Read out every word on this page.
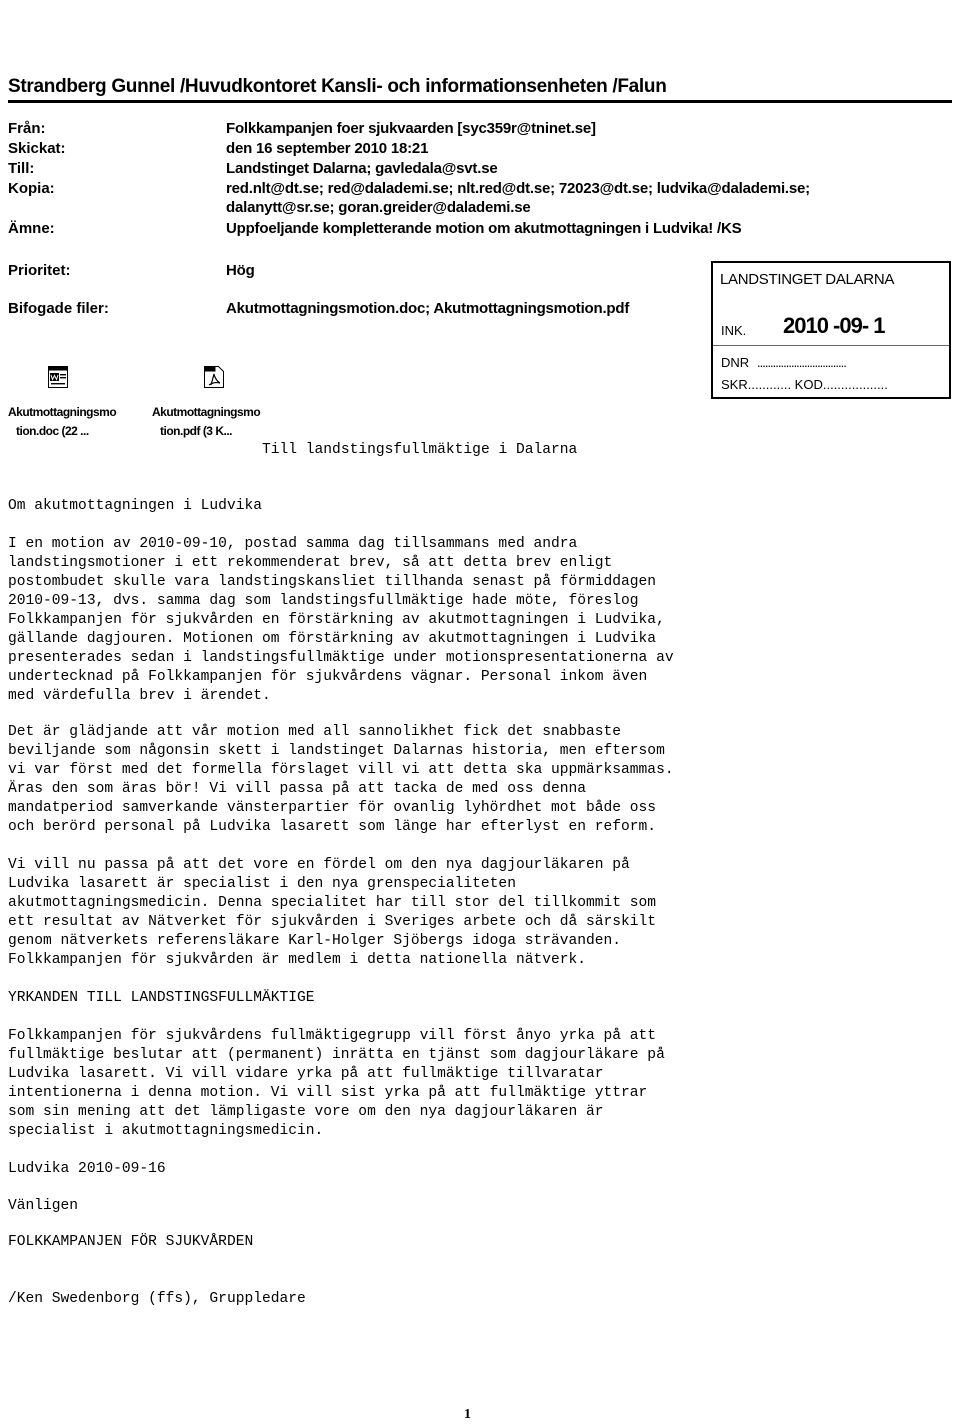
Strandberg Gunnel /Huvudkontoret Kansli- och informationsenheten /Falun
Från:	Folkkampanjen foer sjukvaarden [syc359r@tninet.se]
Skickat:	den 16 september 2010 18:21
Till:	Landstinget Dalarna; gavledala@svt.se
Kopia:	red.nlt@dt.se; red@dalademi.se; nlt.red@dt.se; 72023@dt.se; ludvika@dalademi.se;
dalanytt@sr.se; goran.greider@dalademi.se
Ämne:	Uppfoeljande kompletterande motion om akutmottagningen i Ludvika! /KS
Prioritet:	Hög
Bifogade filer:	Akutmottagningsmotion.doc; Akutmottagningsmotion.pdf
LANDSTINGET DALARNA
INK. 2010 -09- 1
DNR ..................................
SKR............ KOD..................
Akutmottagningsmo
tion.doc (22 ...
Akutmottagningsmo
tion.pdf (3 K...
Till landstingsfullmäktige i Dalarna
Om akutmottagningen i Ludvika
I en motion av 2010-09-10, postad samma dag tillsammans med andra
landstingsmotioner i ett rekommenderat brev, så att detta brev enligt
postombudet skulle vara landstingskansliet tillhanda senast på förmiddagen
2010-09-13, dvs. samma dag som landstingsfullmäktige hade möte, föreslog
Folkkampanjen för sjukvården en förstärkning av akutmottagningen i Ludvika,
gällande dagjouren. Motionen om förstärkning av akutmottagningen i Ludvika
presenterades sedan i landstingsfullmäktige under motionspresentationerna av
undertecknad på Folkkampanjen för sjukvårdens vägnar. Personal inkom även
med värdefulla brev i ärendet.
Det är glädjande att vår motion med all sannolikhet fick det snabbaste
beviljande som någonsin skett i landstinget Dalarnas historia, men eftersom
vi var först med det formella förslaget vill vi att detta ska uppmärksammas.
Äras den som äras bör! Vi vill passa på att tacka de med oss denna
mandatperiod samverkande vänsterpartier för ovanlig lyhördhet mot både oss
och berörd personal på Ludvika lasarett som länge har efterlyst en reform.
Vi vill nu passa på att det vore en fördel om den nya dagjourläkaren på
Ludvika lasarett är specialist i den nya grenspecialiteten
akutmottagningsmedicin. Denna specialitet har till stor del tillkommit som
ett resultat av Nätverket för sjukvården i Sveriges arbete och då särskilt
genom nätverkets referensläkare Karl-Holger Sjöbergs idoga strävanden.
Folkkampanjen för sjukvården är medlem i detta nationella nätverk.
YRKANDEN TILL LANDSTINGSFULLMÄKTIGE
Folkkampanjen för sjukvårdens fullmäktigegrupp vill först ånyo yrka på att
fullmäktige beslutar att (permanent) inrätta en tjänst som dagjourläkare på
Ludvika lasarett. Vi vill vidare yrka på att fullmäktige tillvaratar
intentionerna i denna motion. Vi vill sist yrka på att fullmäktige yttrar
som sin mening att det lämpligaste vore om den nya dagjourläkaren är
specialist i akutmottagningsmedicin.
Ludvika 2010-09-16
Vänligen
FOLKKAMPANJEN FÖR SJUKVÅRDEN
/Ken Swedenborg (ffs), Gruppledare
1
